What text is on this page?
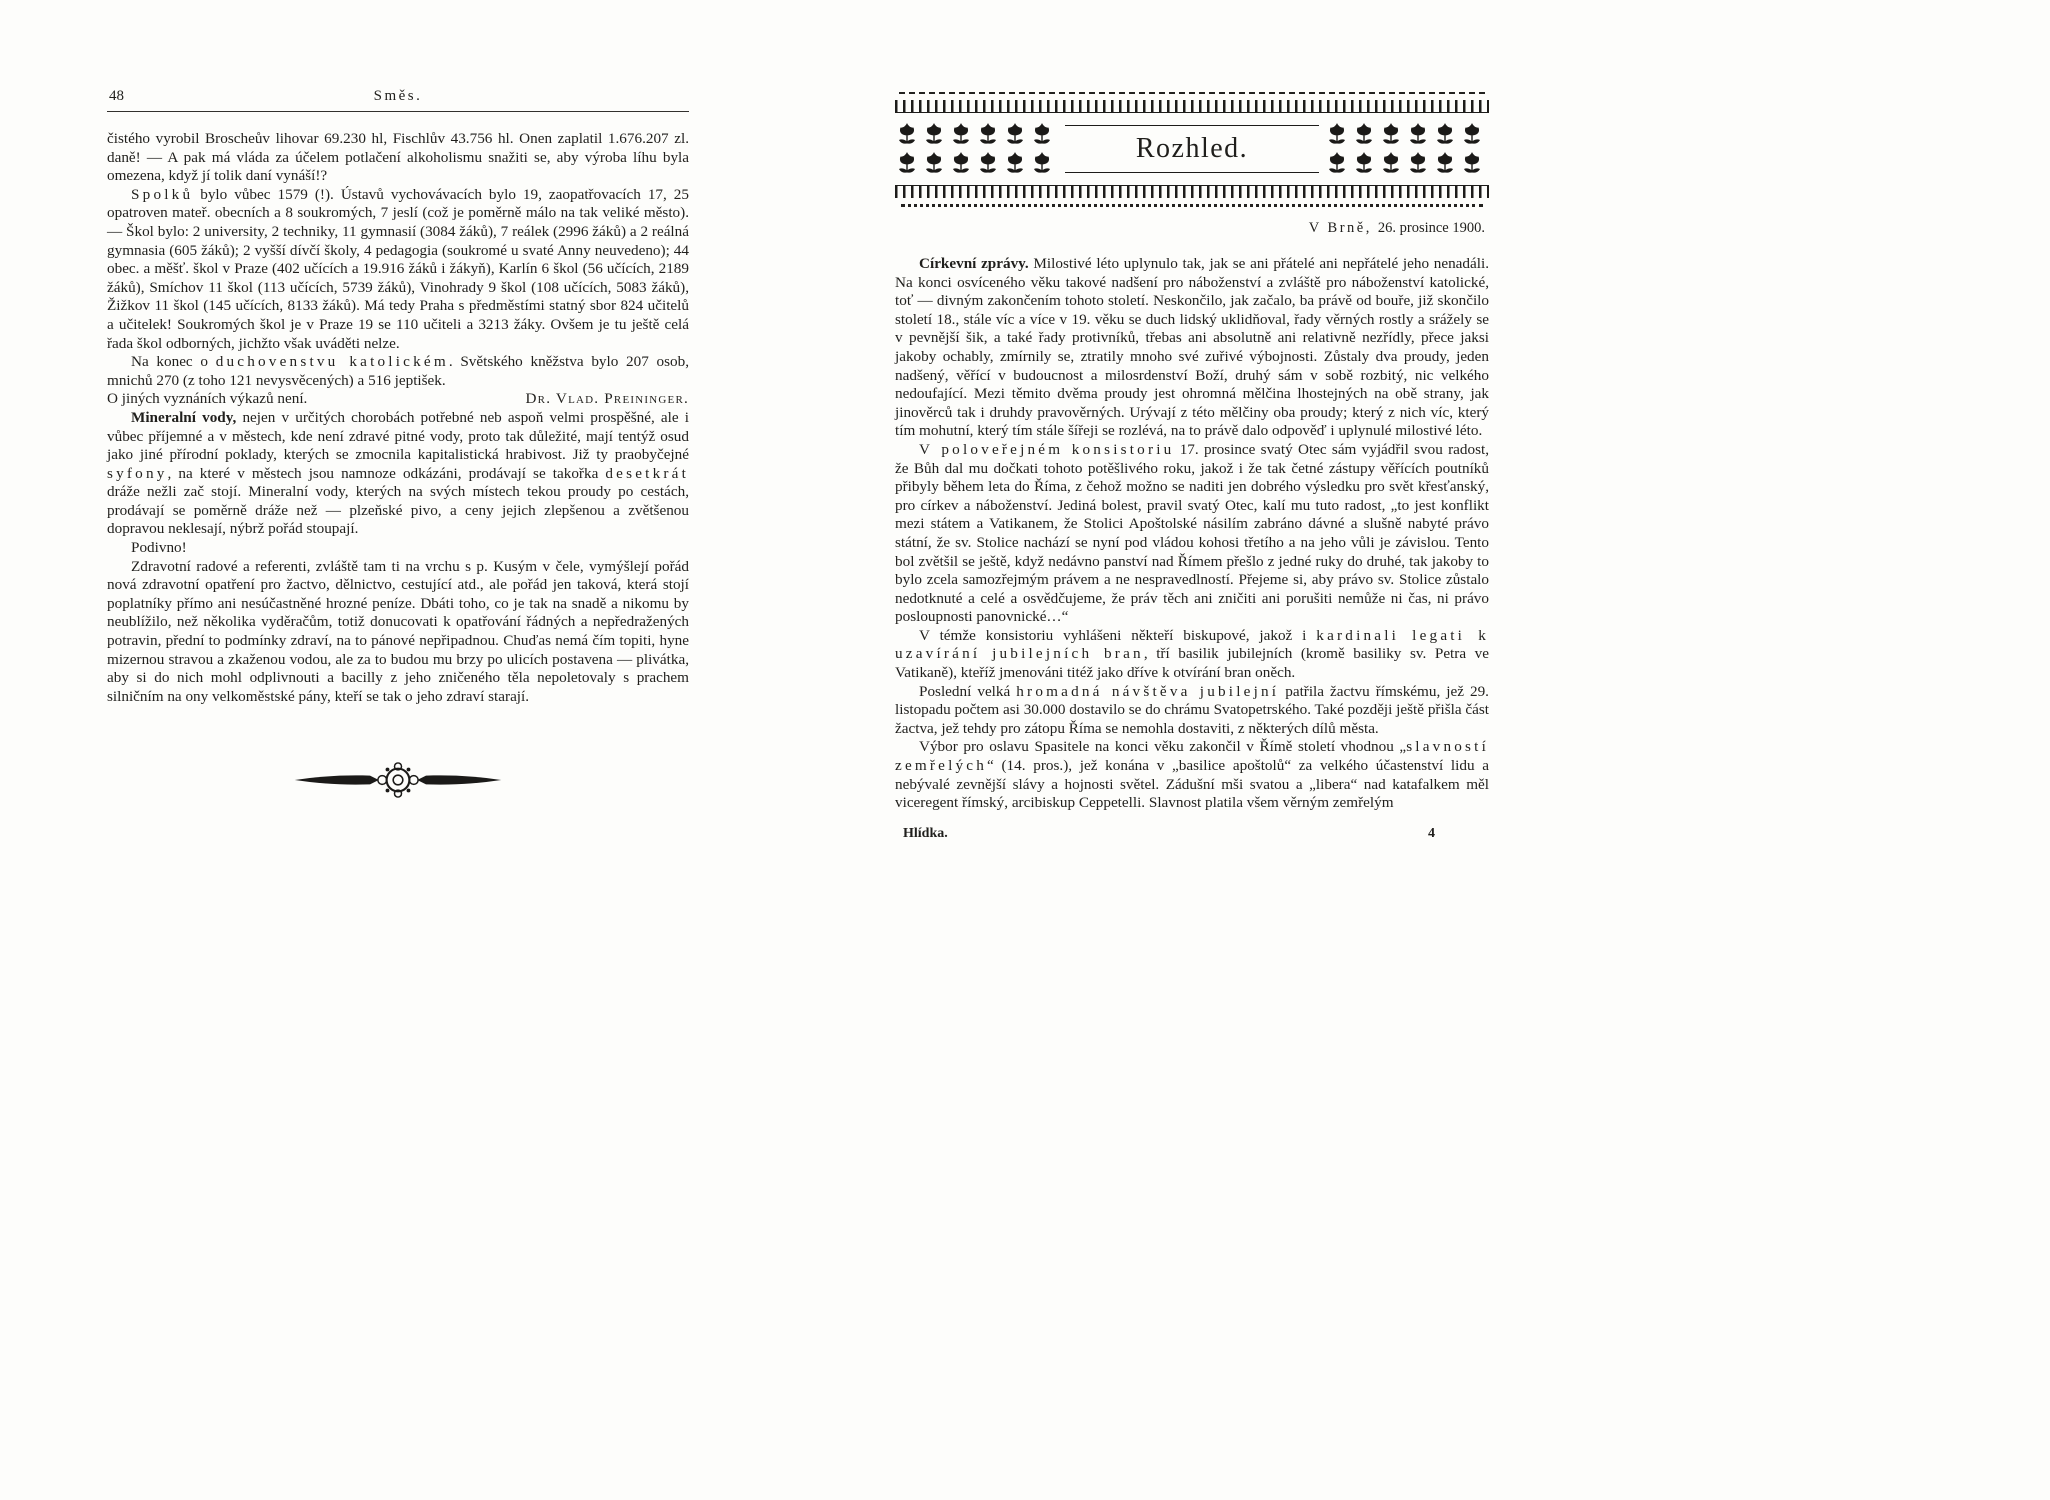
48	Směs.

čistého vyrobil Broscheův lihovar 69.230 hl, Fischlův 43.756 hl. Onen zaplatil 1.676.207 zl. daně! — A pak má vláda za účelem potlačení alkoholismu snažiti se, aby výroba líhu byla omezena, když jí tolik daní vynáší!?

Spolků bylo vůbec 1579 (!). Ústavů vychovávacích bylo 19, zaopatřovacích 17, 25 opatroven mateř. obecních a 8 soukromých, 7 jeslí (což je poměrně málo na tak veliké město). — Škol bylo: 2 university, 2 techniky, 11 gymnasií (3084 žáků), 7 reálek (2996 žáků) a 2 reálná gymnasia (605 žáků); 2 vyšší dívčí školy, 4 pedagogia (soukromé u svaté Anny neuvedeno); 44 obec. a měšť. škol v Praze (402 učících a 19.916 žáků i žákyň), Karlín 6 škol (56 učících, 2189 žáků), Smíchov 11 škol (113 učících, 5739 žáků), Vinohrady 9 škol (108 učících, 5083 žáků), Žižkov 11 škol (145 učících, 8133 žáků). Má tedy Praha s předměstími statný sbor 824 učitelů a učitelek! Soukromých škol je v Praze 19 se 110 učiteli a 3213 žáky. Ovšem je tu ještě celá řada škol odborných, jichžto však uváděti nelze.

Na konec o duchovenstvu katolickém. Světského kněžstva bylo 207 osob, mnichů 270 (z toho 121 nevysvěcených) a 516 jeptišek.

O jiných vyznáních výkazů není.	Dr. Vlad. Preininger.

Mineralní vody, nejen v určitých chorobách potřebné neb aspoň velmi prospěšné, ale i vůbec příjemné a v městech, kde není zdravé pitné vody, proto tak důležité, mají tentýž osud jako jiné přírodní poklady, kterých se zmocnila kapitalistická hrabivost. Již ty praobyčejné syfony, na které v městech jsou namnoze odkázáni, prodávají se takořka desetkrát dráže nežli zač stojí. Mineralní vody, kterých na svých místech tekou proudy po cestách, prodávají se poměrně dráže než — plzeňské pivo, a ceny jejich zlepšenou a zvětšenou dopravou neklesají, nýbrž pořád stoupají.

Podivno!

Zdravotní radové a referenti, zvláště tam ti na vrchu s p. Kusým v čele, vymýšlejí pořád nová zdravotní opatření pro žactvo, dělnictvo, cestující atd., ale pořád jen taková, která stojí poplatníky přímo ani nesúčastněné hrozné peníze. Dbáti toho, co je tak na snadě a nikomu by neublížilo, než několika vyděračům, totiž donucovati k opatřování řádných a nepředražených potravin, přední to podmínky zdraví, na to pánové nepřipadnou. Chuďas nemá čím topiti, hyne mizernou stravou a zkaženou vodou, ale za to budou mu brzy po ulicích postavena — plivátka, aby si do nich mohl odplivnouti a bacilly z jeho zničeného těla nepoletovaly s prachem silničním na ony velkoměstské pány, kteří se tak o jeho zdraví starají.

Rozhled.
V Brně, 26. prosince 1900.

Církevní zprávy. Milostivé léto uplynulo tak, jak se ani přátelé ani nepřátelé jeho nenadáli. Na konci osvíceného věku takové nadšení pro náboženství a zvláště pro náboženství katolické, toť — divným zakončením tohoto století. Neskončilo, jak začalo, ba právě od bouře, již skončilo století 18., stále víc a více v 19. věku se duch lidský uklidňoval, řady věrných rostly a srážely se v pevnější šik, a také řady protivníků, třebas ani absolutně ani relativně nezřídly, přece jaksi jakoby ochably, zmírnily se, ztratily mnoho své zuřivé výbojnosti. Zůstaly dva proudy, jeden nadšený, věřící v budoucnost a milosrdenství Boží, druhý sám v sobě rozbitý, nic velkého nedoufající. Mezi těmito dvěma proudy jest ohromná mělčina lhostejných na obě strany, jak jinověrců tak i druhdy pravověrných. Urývají z této mělčiny oba proudy; který z nich víc, který tím mohutní, který tím stále šířeji se rozlévá, na to právě dalo odpověď i uplynulé milostivé léto.

V poloveřejném konsistoriu 17. prosince svatý Otec sám vyjádřil svou radost, že Bůh dal mu dočkati tohoto potěšlivého roku, jakož i že tak četné zástupy věřících poutníků přibyly během leta do Říma, z čehož možno se naditi jen dobrého výsledku pro svět křesťanský, pro církev a náboženství. Jediná bolest, pravil svatý Otec, kalí mu tuto radost, „to jest konflikt mezi státem a Vatikanem, že Stolici Apoštolské násilím zabráno dávné a slušně nabyté právo státní, že sv. Stolice nachází se nyní pod vládou kohosi třetího a na jeho vůli je závislou. Tento bol zvětšil se ještě, když nedávno panství nad Římem přešlo z jedné ruky do druhé, tak jakoby to bylo zcela samozřejmým právem a ne nespravedlností. Přejeme si, aby právo sv. Stolice zůstalo nedotknuté a celé a osvědčujeme, že práv těch ani zničiti ani porušiti nemůže ni čas, ni právo posloupnosti panovnické…“

V témže konsistoriu vyhlášeni někteří biskupové, jakož i kardinali legati k uzavírání jubilejních bran, tří basilik jubilejních (kromě basiliky sv. Petra ve Vatikaně), kteříž jmenováni titéž jako dříve k otvírání bran oněch.

Poslední velká hromadná návštěva jubilejní patřila žactvu římskému, jež 29. listopadu počtem asi 30.000 dostavilo se do chrámu Svatopetrského. Také později ještě přišla část žactva, jež tehdy pro zátopu Říma se nemohla dostaviti, z některých dílů města.

Výbor pro oslavu Spasitele na konci věku zakončil v Římě století vhodnou „slavností zemřelých“ (14. pros.), jež konána v „basilice apoštolů“ za velkého účastenství lidu a nebývalé zevnější slávy a hojnosti světel. Zádušní mši svatou a „libera“ nad katafalkem měl viceregent římský, arcibiskup Ceppetelli. Slavnost platila všem věrným zemřelým

Hlídka.	4
